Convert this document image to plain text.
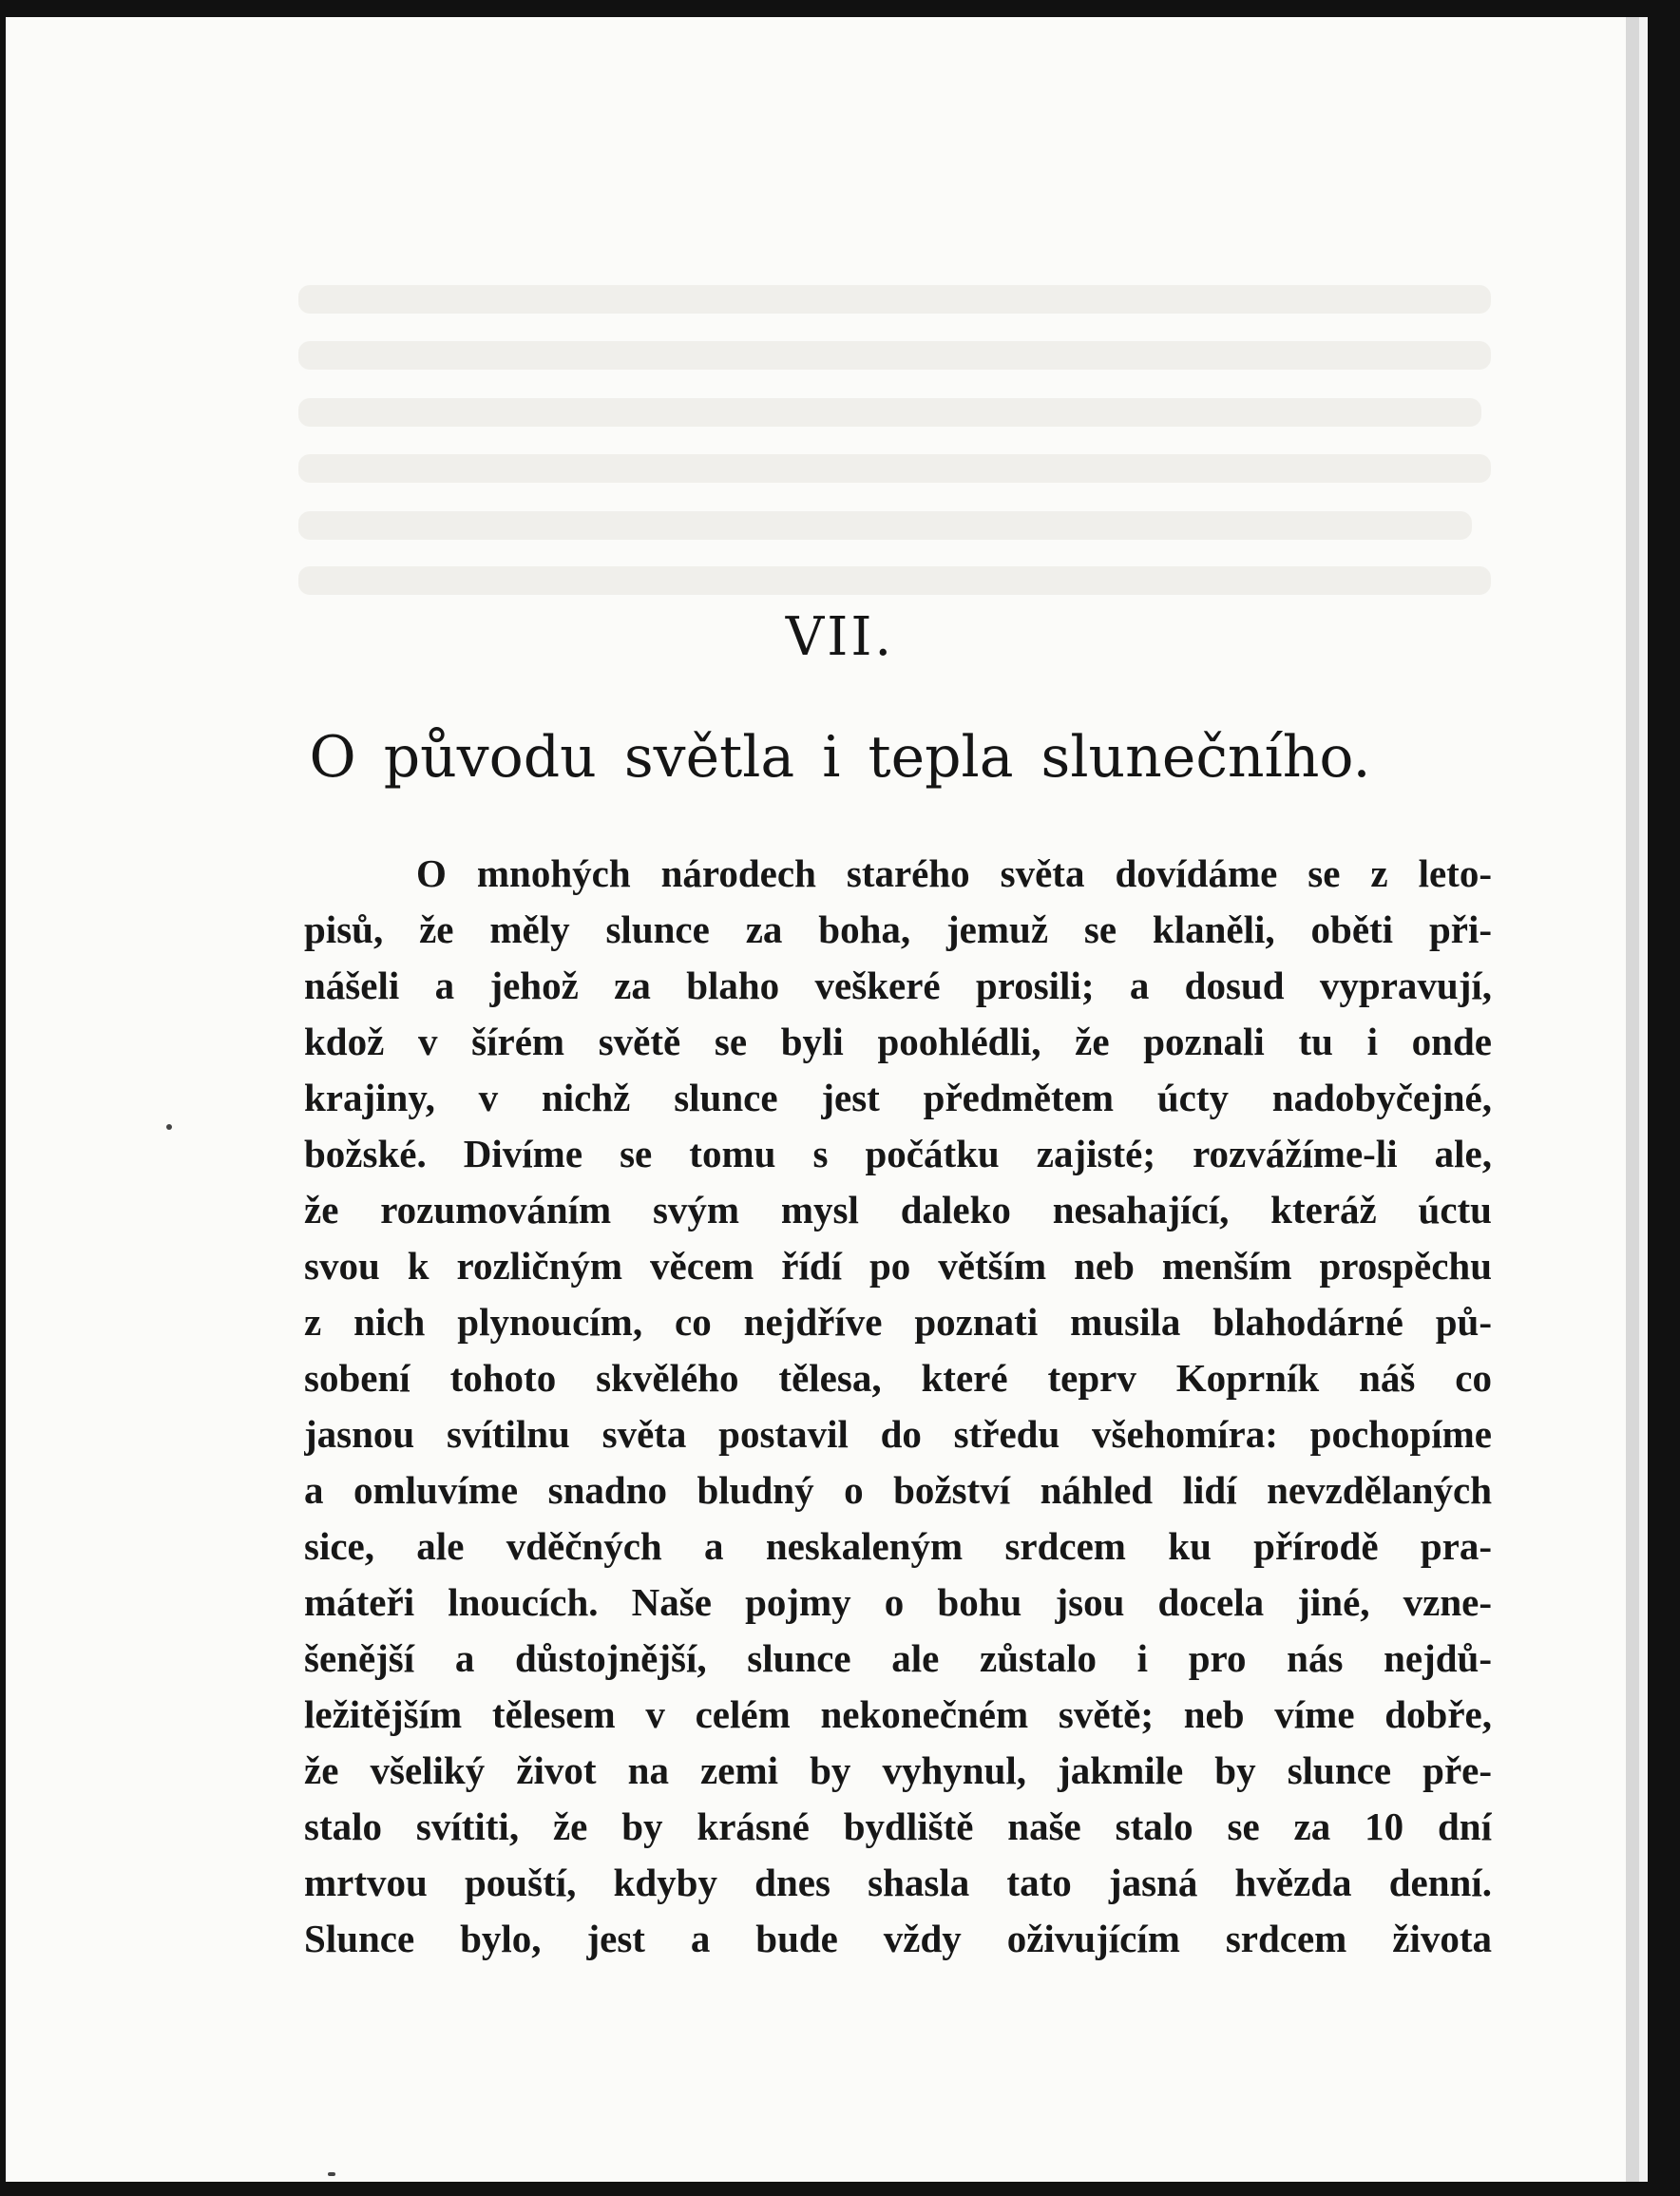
VII.
O původu světla i tepla slunečního.
O mnohých národech starého světa dovídáme se z leto-
pisů, že měly slunce za boha, jemuž se klaněli, oběti při-
nášeli a jehož za blaho veškeré prosili; a dosud vypravují,
kdož v šírém světě se byli poohlédli, že poznali tu i onde
krajiny, v nichž slunce jest předmětem úcty nadobyčejné,
božské. Divíme se tomu s počátku zajisté; rozvážíme-li ale,
že rozumováním svým mysl daleko nesahající, kteráž úctu
svou k rozličným věcem řídí po větším neb menším prospěchu
z nich plynoucím, co nejdříve poznati musila blahodárné pů-
sobení tohoto skvělého tělesa, které teprv Koprník náš co
jasnou svítilnu světa postavil do středu všehomíra: pochopíme
a omluvíme snadno bludný o božství náhled lidí nevzdělaných
sice, ale vděčných a neskaleným srdcem ku přírodě pra-
mátеři lnoucích. Naše pojmy o bohu jsou docela jiné, vzne-
šenější a důstojnější, slunce ale zůstalo i pro nás nejdů-
ležitějším tělesem v celém nekonečném světě; neb víme dobře,
že všeliký život na zemi by vyhynul, jakmile by slunce pře-
stalo svítiti, že by krásné bydliště naše stalo se za 10 dní
mrtvou pouští, kdyby dnes shasla tato jasná hvězda denní.
Slunce bylo, jest a bude vždy oživujícím srdcem života
